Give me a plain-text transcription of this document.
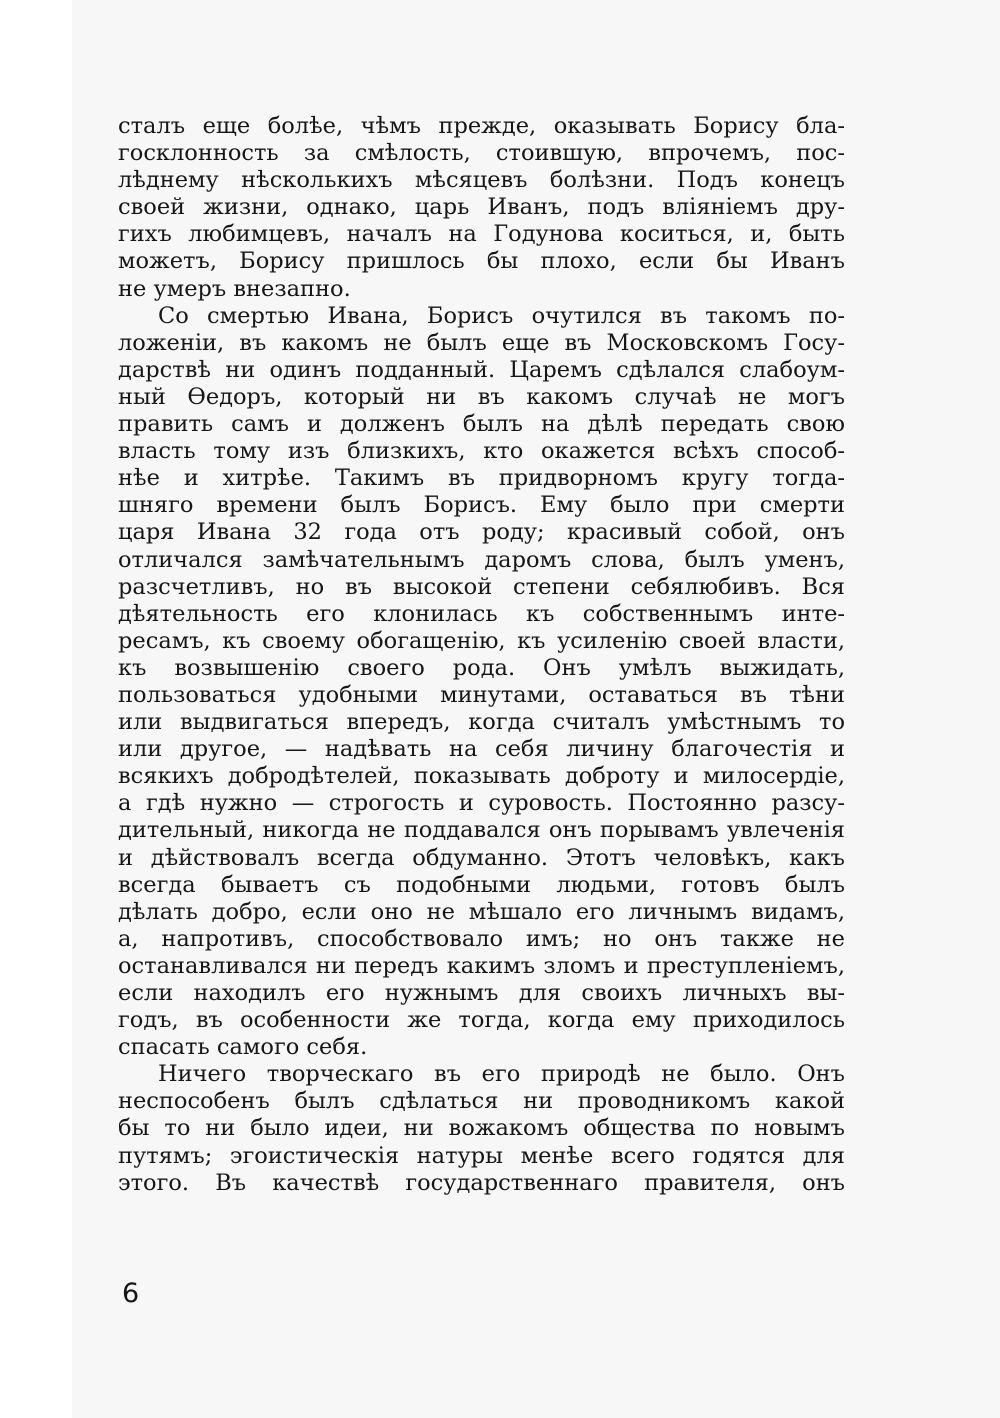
сталъ еще болѣе, чѣмъ прежде, оказывать Борису бла-
госклонность за смѣлость, стоившую, впрочемъ, пос-
лѣднему нѣсколькихъ мѣсяцевъ болѣзни. Подъ конецъ
своей жизни, однако, царь Иванъ, подъ вліяніемъ дру-
гихъ любимцевъ, началъ на Годунова коситься, и, быть
можетъ, Борису пришлось бы плохо, если бы Иванъ
не умеръ внезапно.
Со смертью Ивана, Борисъ очутился въ такомъ по-
ложеніи, въ какомъ не былъ еще въ Московскомъ Госу-
дарствѣ ни одинъ подданный. Царемъ сдѣлался слабоум-
ный Ѳедоръ, который ни въ какомъ случаѣ не могъ
править самъ и долженъ былъ на дѣлѣ передать свою
власть тому изъ близкихъ, кто окажется всѣхъ способ-
нѣе и хитрѣе. Такимъ въ придворномъ кругу тогда-
шняго времени былъ Борисъ. Ему было при смерти
царя Ивана 32 года отъ роду; красивый собой, онъ
отличался замѣчательнымъ даромъ слова, былъ уменъ,
разсчетливъ, но въ высокой степени себялюбивъ. Вся
дѣятельность его клонилась къ собственнымъ инте-
ресамъ, къ своему обогащенію, къ усиленію своей власти,
къ возвышенію своего рода. Онъ умѣлъ выжидать,
пользоваться удобными минутами, оставаться въ тѣни
или выдвигаться впередъ, когда считалъ умѣстнымъ то
или другое, — надѣвать на себя личину благочестія и
всякихъ добродѣтелей, показывать доброту и милосердіе,
а гдѣ нужно — строгость и суровость. Постоянно разсу-
дительный, никогда не поддавался онъ порывамъ увлеченія
и дѣйствовалъ всегда обдуманно. Этотъ человѣкъ, какъ
всегда бываетъ съ подобными людьми, готовъ былъ
дѣлать добро, если оно не мѣшало его личнымъ видамъ,
а, напротивъ, способствовало имъ; но онъ также не
останавливался ни передъ какимъ зломъ и преступленіемъ,
если находилъ его нужнымъ для своихъ личныхъ вы-
годъ, въ особенности же тогда, когда ему приходилось
спасать самого себя.
Ничего творческаго въ его природѣ не было. Онъ
неспособенъ былъ сдѣлаться ни проводникомъ какой
бы то ни было идеи, ни вожакомъ общества по новымъ
путямъ; эгоистическія натуры менѣе всего годятся для
этого. Въ качествѣ государственнаго правителя, онъ
6
